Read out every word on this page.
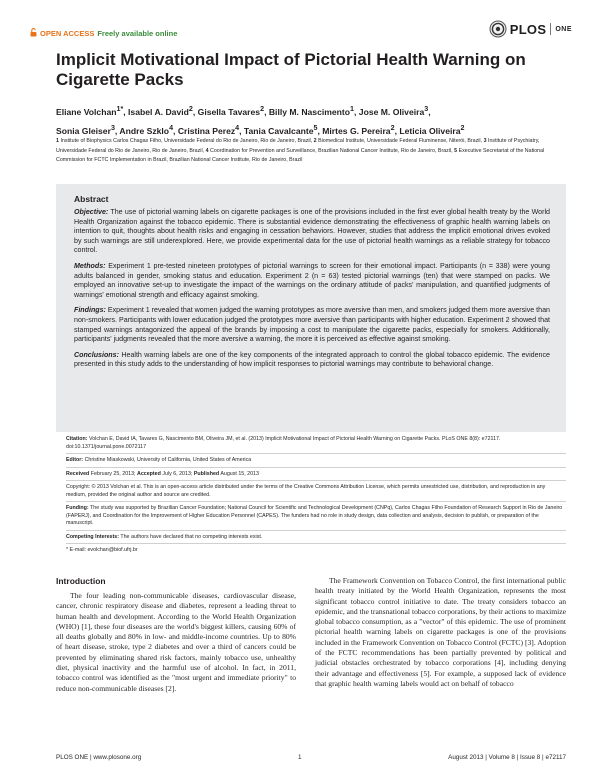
OPEN ACCESS Freely available online	PLOS ONE
Implicit Motivational Impact of Pictorial Health Warning on Cigarette Packs
Eliane Volchan$^{1*}$, Isabel A. David$^2$, Gisella Tavares$^2$, Billy M. Nascimento$^1$, Jose M. Oliveira$^3$,
Sonia Gleiser$^3$, Andre Szklo$^4$, Cristina Perez$^4$, Tania Cavalcante$^5$, Mirtes G. Pereira$^2$, Leticia Oliveira$^2$
1 Institute of Biophysics Carlos Chagas Filho, Universidade Federal do Rio de Janeiro, Rio de Janeiro, Brazil, 2 Biomedical Institute, Universidade Federal Fluminense, Niterói, Brazil, 3 Institute of Psychiatry, Universidade Federal do Rio de Janeiro, Rio de Janeiro, Brazil, 4 Coordination for Prevention and Surveillance, Brazilian National Cancer Institute, Rio de Janeiro, Brazil, 5 Executive Secretariat of the National Commission for FCTC Implementation in Brazil, Brazilian National Cancer Institute, Rio de Janeiro, Brazil
Abstract

Objective: The use of pictorial warning labels on cigarette packages is one of the provisions included in the first ever global health treaty by the World Health Organization against the tobacco epidemic. There is substantial evidence demonstrating the effectiveness of graphic health warning labels on intention to quit, thoughts about health risks and engaging in cessation behaviors. However, studies that address the implicit emotional drives evoked by such warnings are still underexplored. Here, we provide experimental data for the use of pictorial health warnings as a reliable strategy for tobacco control.

Methods: Experiment 1 pre-tested nineteen prototypes of pictorial warnings to screen for their emotional impact. Participants (n = 338) were young adults balanced in gender, smoking status and education. Experiment 2 (n = 63) tested pictorial warnings (ten) that were stamped on packs. We employed an innovative set-up to investigate the impact of the warnings on the ordinary attitude of packs' manipulation, and quantified judgments of warnings' emotional strength and efficacy against smoking.

Findings: Experiment 1 revealed that women judged the warning prototypes as more aversive than men, and smokers judged them more aversive than non-smokers. Participants with lower education judged the prototypes more aversive than participants with higher education. Experiment 2 showed that stamped warnings antagonized the appeal of the brands by imposing a cost to manipulate the cigarette packs, especially for smokers. Additionally, participants' judgments revealed that the more aversive a warning, the more it is perceived as effective against smoking.

Conclusions: Health warning labels are one of the key components of the integrated approach to control the global tobacco epidemic. The evidence presented in this study adds to the understanding of how implicit responses to pictorial warnings may contribute to behavioral change.

Citation: Volchan E, David IA, Tavares G, Nascimento BM, Oliveira JM, et al. (2013) Implicit Motivational Impact of Pictorial Health Warning on Cigarette Packs. PLoS ONE 8(8): e72117. doi:10.1371/journal.pone.0072117

Editor: Christine Miaskowski, University of California, United States of America

Received February 25, 2013; Accepted July 6, 2013; Published August 15, 2013

Copyright: © 2013 Volchan et al. This is an open-access article distributed under the terms of the Creative Commons Attribution License, which permits unrestricted use, distribution, and reproduction in any medium, provided the original author and source are credited.

Funding: The study was supported by Brazilian Cancer Foundation; National Council for Scientific and Technological Development (CNPq), Carlos Chagas Filho Foundation of Research Support in Rio de Janeiro (FAPERJ), and Coordination for the Improvement of Higher Education Personnel (CAPES). The funders had no role in study design, data collection and analysis, decision to publish, or preparation of the manuscript.

Competing Interests: The authors have declared that no competing interests exist.

* E-mail: evolchan@biof.ufrj.br

Introduction
The four leading non-communicable diseases, cardiovascular disease, cancer, chronic respiratory disease and diabetes, represent a leading threat to human health and development. According to the World Health Organization (WHO) [1], these four diseases are the world's biggest killers, causing 60% of all deaths globally and 80% in low- and middle-income countries. Up to 80% of heart disease, stroke, type 2 diabetes and over a third of cancers could be prevented by eliminating shared risk factors, mainly tobacco use, unhealthy diet, physical inactivity and the harmful use of alcohol. In fact, in 2011, tobacco control was identified as the "most urgent and immediate priority" to reduce non-communicable diseases [2].
The Framework Convention on Tobacco Control, the first international public health treaty initiated by the World Health Organization, represents the most significant tobacco control initiative to date. The treaty considers tobacco an epidemic, and the transnational tobacco corporations, by their actions to maximize global tobacco consumption, as a "vector" of this epidemic. The use of prominent pictorial health warning labels on cigarette packages is one of the provisions included in the Framework Convention on Tobacco Control (FCTC) [3]. Adoption of the FCTC recommendations has been partially prevented by political and judicial obstacles orchestrated by tobacco corporations [4], including denying their advantage and effectiveness [5]. For example, a supposed lack of evidence that graphic health warning labels would act on behalf of tobacco
PLOS ONE | www.plosone.org	1	August 2013 | Volume 8 | Issue 8 | e72117
